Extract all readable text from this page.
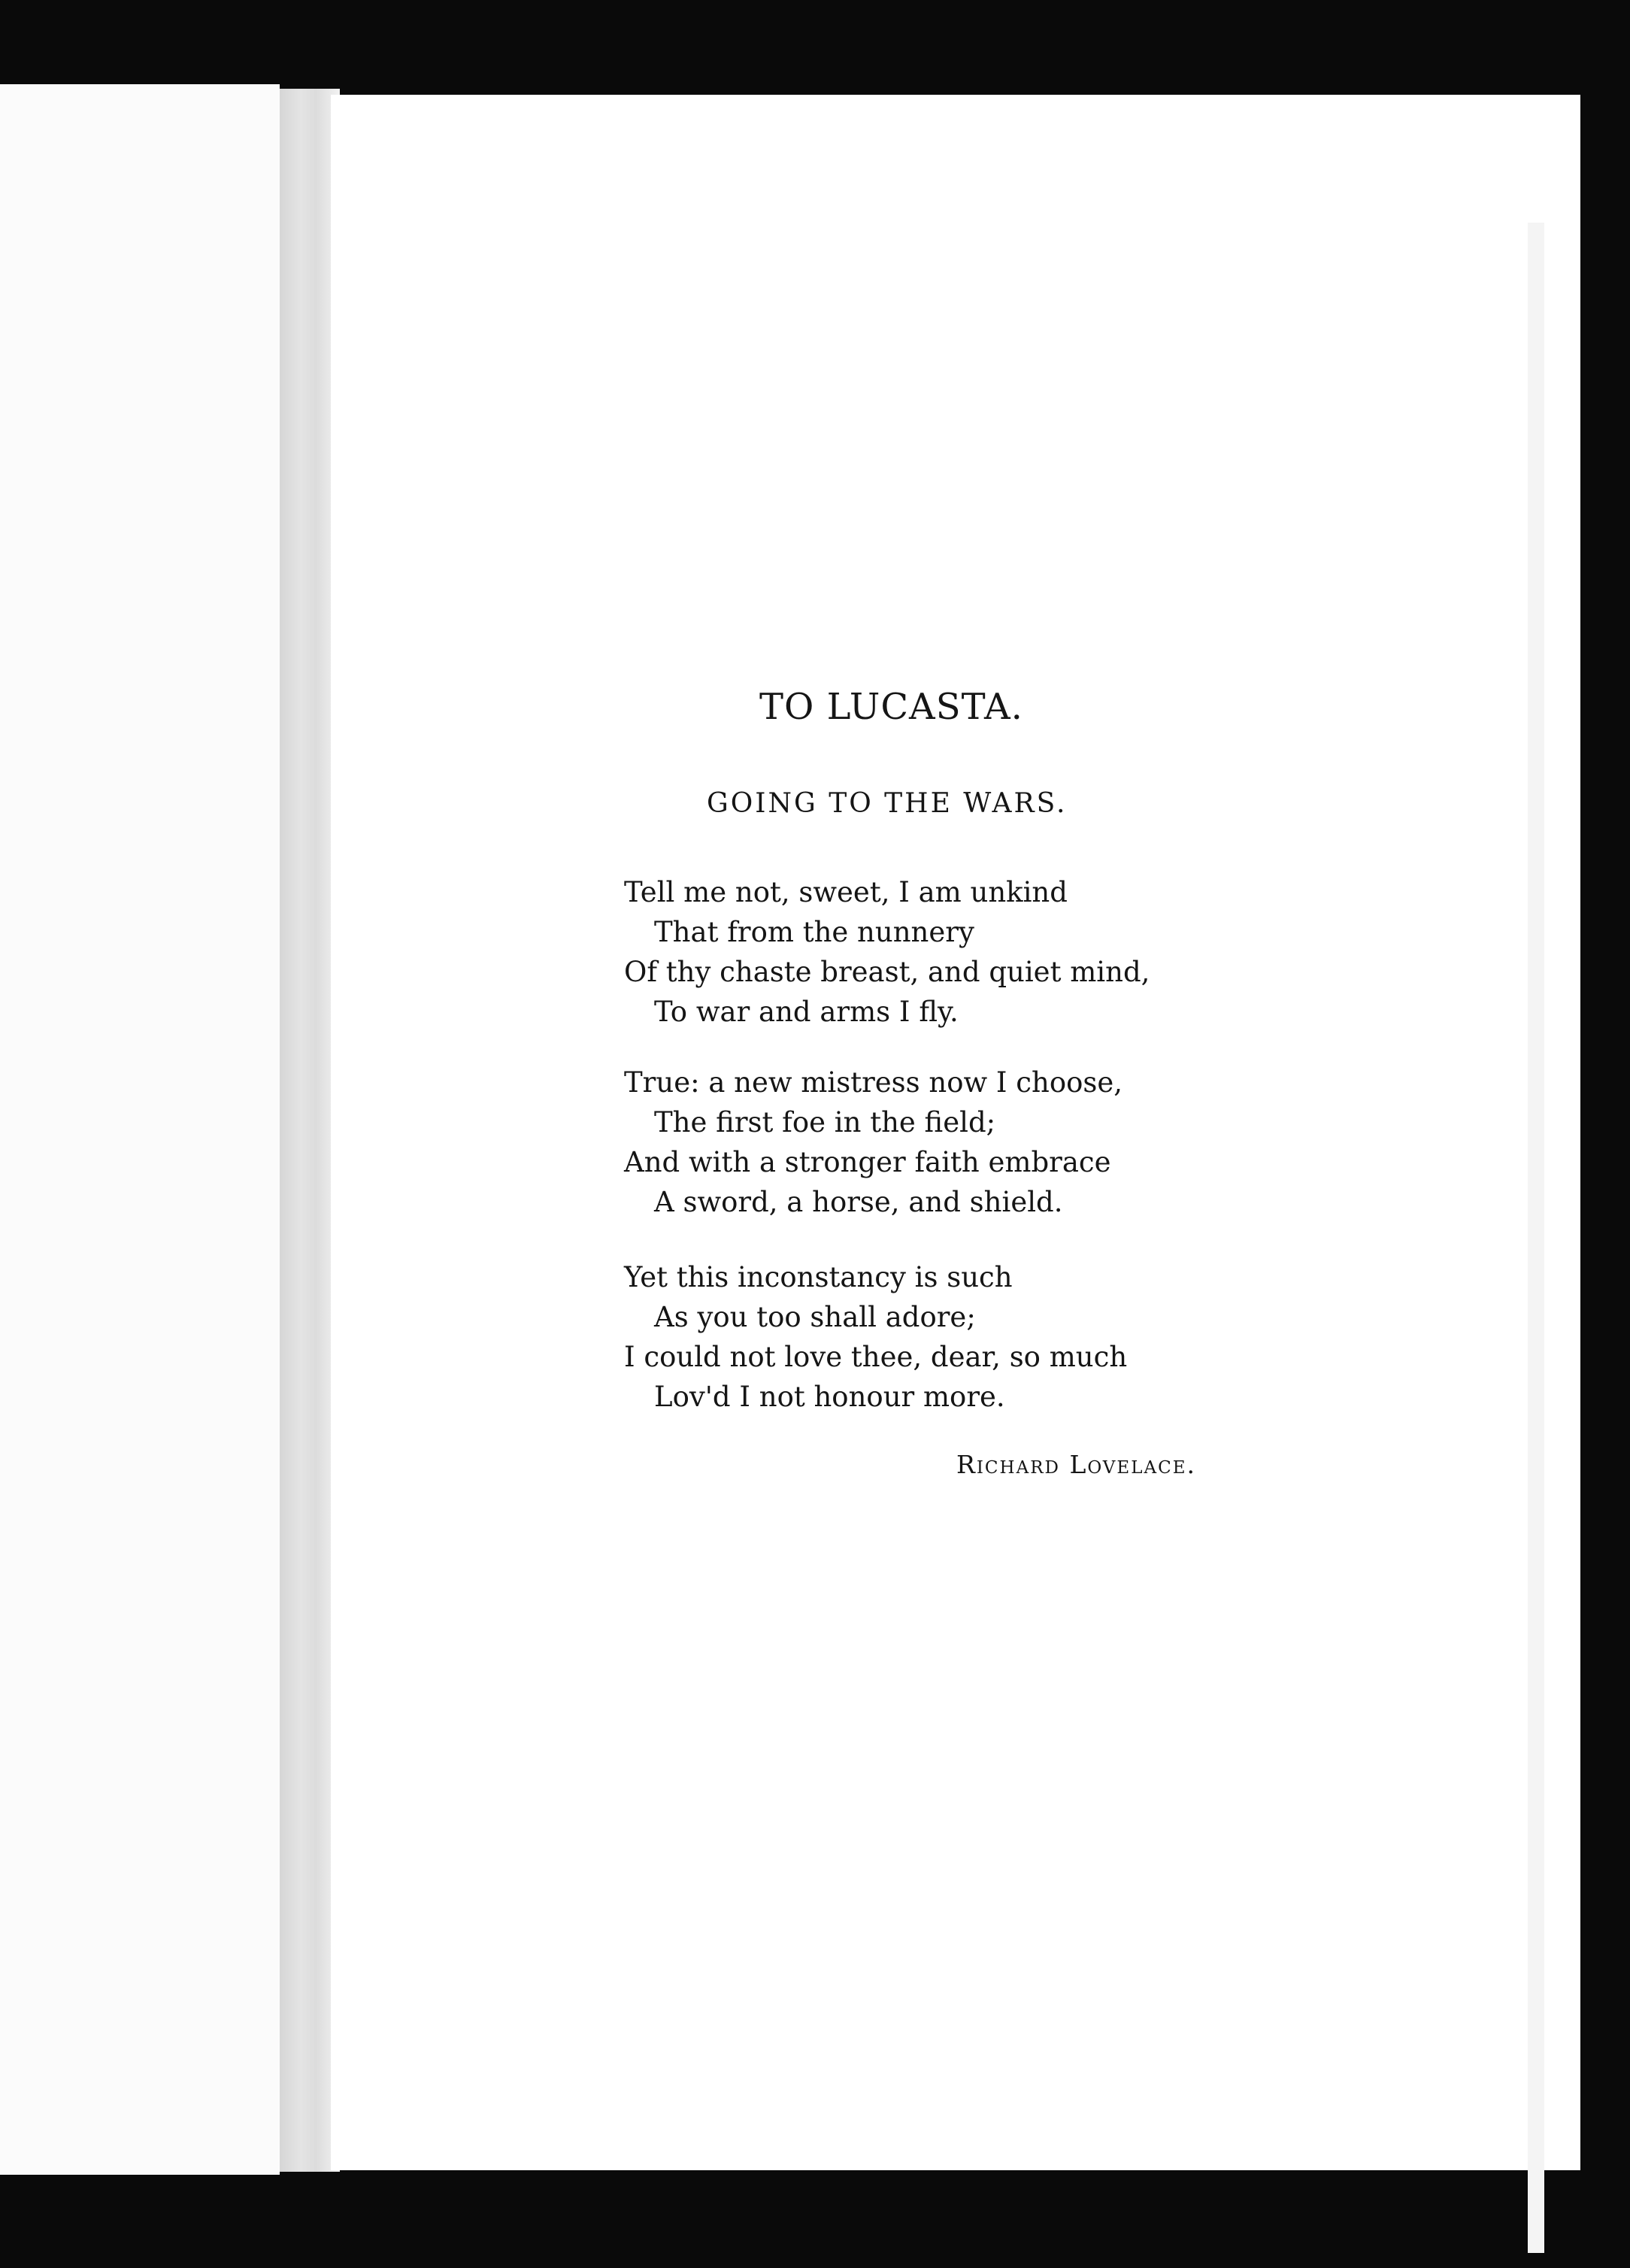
TO LUCASTA.
GOING TO THE WARS.
Tell me not, sweet, I am unkind
That from the nunnery
Of thy chaste breast, and quiet mind,
To war and arms I fly.
True: a new mistress now I choose,
The first foe in the field;
And with a stronger faith embrace
A sword, a horse, and shield.
Yet this inconstancy is such
As you too shall adore;
I could not love thee, dear, so much
Lov'd I not honour more.
Richard Lovelace.
